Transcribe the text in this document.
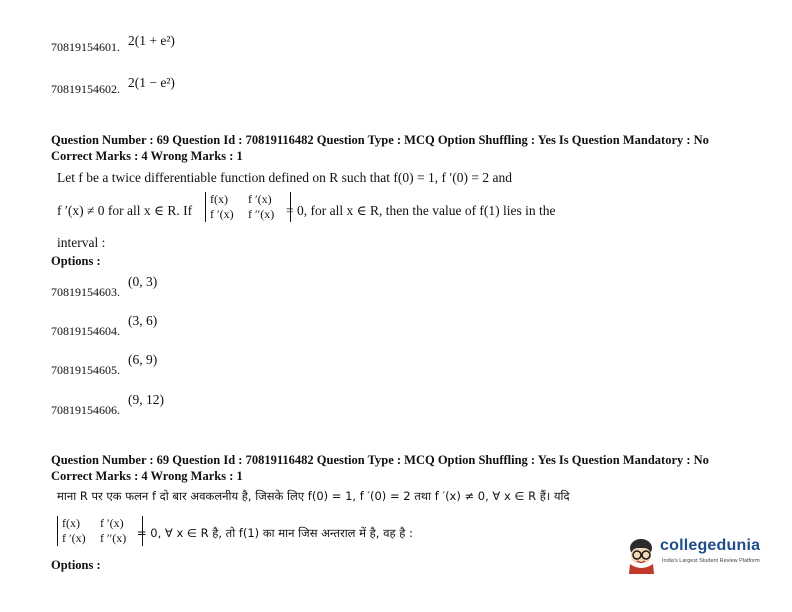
70819154601. 2(1 + e²)
70819154602. 2(1 − e²)
Question Number : 69 Question Id : 70819116482 Question Type : MCQ Option Shuffling : Yes Is Question Mandatory : No
Correct Marks : 4 Wrong Marks : 1
Let f be a twice differentiable function defined on R such that f(0) = 1, f ′(0) = 2 and
f ′(x) ≠ 0 for all x ∈ R. If
f(x) f ′(x)
f ′(x) f ′′(x) = 0, for all x ∈ R, then the value of f(1) lies in the
interval :
Options :
70819154603.
(0, 3)
70819154604.
(3, 6)
70819154605.
(6, 9)
70819154606.
(9, 12)
Question Number : 69 Question Id : 70819116482 Question Type : MCQ Option Shuffling : Yes Is Question Mandatory : No
Correct Marks : 4 Wrong Marks : 1
माना R पर एक फलन f दो बार अवकलनीय है, जिसके लिए f(0) = 1, f ′(0) = 2 तथा f ′(x) ≠ 0, ∀ x ∈ R हैं। यदि
f(x) f ′(x)
f ′(x) f ′′(x) = 0, ∀ x ∈ R है, तो f(1) का मान जिस अन्तराल में है, वह है :
Options :
collegedunia
India's Largest Student Review Platform
